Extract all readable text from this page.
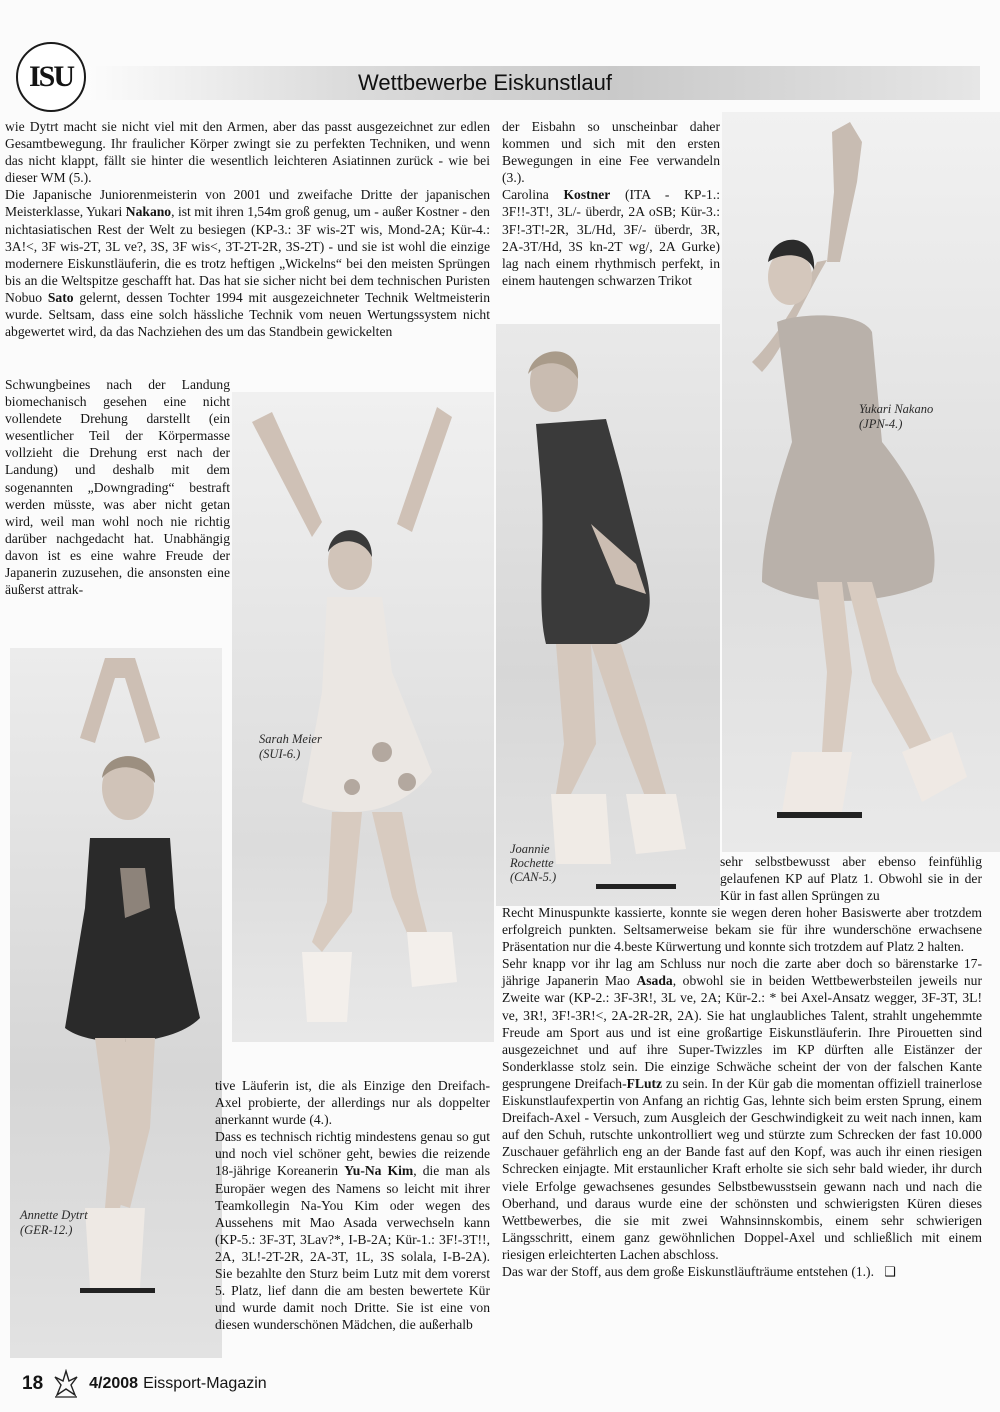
ISU	Wettbewerbe Eiskunstlauf

wie Dytrt macht sie nicht viel mit den Armen, aber das passt ausgezeichnet zur edlen Gesamtbewegung. Ihr fraulicher Körper zwingt sie zu perfekten Techniken, und wenn das nicht klappt, fällt sie hinter die wesentlich leichteren Asiatinnen zurück - wie bei dieser WM (5.).

Die Japanische Juniorenmeisterin von 2001 und zweifache Dritte der japanischen Meisterklasse, Yukari Nakano, ist mit ihren 1,54m groß genug, um - außer Kostner - den nichtasiatischen Rest der Welt zu besiegen (KP-3.: 3F wis-2T wis, Mond-2A; Kür-4.: 3A!<, 3F wis-2T, 3L ve?, 3S, 3F wis<, 3T-2T-2R, 3S-2T) - und sie ist wohl die einzige modernere Eiskunstläuferin, die es trotz heftigen „Wickelns“ bei den meisten Sprüngen bis an die Weltspitze geschafft hat. Das hat sie sicher nicht bei dem technischen Puristen Nobuo Sato gelernt, dessen Tochter 1994 mit ausgezeichneter Technik Weltmeisterin wurde. Seltsam, dass eine solch hässliche Technik vom neuen Wertungssystem nicht abgewertet wird, da das Nachziehen des um das Standbein gewickelten

Schwungbeines nach der Landung biomechanisch gesehen eine nicht vollendete Drehung darstellt (ein wesentlicher Teil der Körpermasse vollzieht die Drehung erst nach der Landung) und deshalb mit dem sogenannten „Downgrading“ bestraft werden müsste, was aber nicht getan wird, weil man wohl noch nie richtig darüber nachgedacht hat. Unabhängig davon ist es eine wahre Freude der Japanerin zuzusehen, die ansonsten eine äußerst attrak-

der Eisbahn so unscheinbar daher kommen und sich mit den ersten Bewegungen in eine Fee verwandeln (3.).

Carolina Kostner (ITA - KP-1.: 3F!!-3T!, 3L/- überdr, 2A oSB; Kür-3.: 3F!-3T!-2R, 3L/Hd, 3F/- überdr, 3R, 2A-3T/Hd, 3S kn-2T wg/, 2A Gurke) lag nach einem rhythmisch perfekt, in einem hautengen schwarzen Trikot

Yukari Nakano
(JPN-4.)
Joannie
Rochette
(CAN-5.)
Sarah Meier
(SUI-6.)
Annette Dytrt
(GER-12.)

tive Läuferin ist, die als Einzige den Dreifach-Axel probierte, der allerdings nur als doppelter anerkannt wurde (4.).

Dass es technisch richtig mindestens genau so gut und noch viel schöner geht, bewies die reizende 18-jährige Koreanerin Yu-Na Kim, die man als Europäer wegen des Namens so leicht mit ihrer Teamkollegin Na-You Kim oder wegen des Aussehens mit Mao Asada verwechseln kann (KP-5.: 3F-3T, 3Lav?*, I-B-2A; Kür-1.: 3F!-3T!!, 2A, 3L!-2T-2R, 2A-3T, 1L, 3S solala, I-B-2A). Sie bezahlte den Sturz beim Lutz mit dem vorerst 5. Platz, lief dann die am besten bewertete Kür und wurde damit noch Dritte. Sie ist eine von diesen wunderschönen Mädchen, die außerhalb

sehr selbstbewusst aber ebenso feinfühlig gelaufenen KP auf Platz 1. Obwohl sie in der Kür in fast allen Sprüngen zu

Recht Minuspunkte kassierte, konnte sie wegen deren hoher Basiswerte aber trotzdem erfolgreich punkten. Seltsamerweise bekam sie für ihre wunderschöne erwachsene Präsentation nur die 4.beste Kürwertung und konnte sich trotzdem auf Platz 2 halten.

Sehr knapp vor ihr lag am Schluss nur noch die zarte aber doch so bärenstarke 17-jährige Japanerin Mao Asada, obwohl sie in beiden Wettbewerbsteilen jeweils nur Zweite war (KP-2.: 3F-3R!, 3L ve, 2A; Kür-2.: * bei Axel-Ansatz wegger, 3F-3T, 3L! ve, 3R!, 3F!-3R!<, 2A-2R-2R, 2A). Sie hat unglaubliches Talent, strahlt ungehemmte Freude am Sport aus und ist eine großartige Eiskunstläuferin. Ihre Pirouetten sind ausgezeichnet und auf ihre Super-Twizzles im KP dürften alle Eistänzer der Sonderklasse stolz sein. Die einzige Schwäche scheint der von der falschen Kante gesprungene Dreifach-FLutz zu sein. In der Kür gab die momentan offiziell trainerlose Eiskunstlaufexpertin von Anfang an richtig Gas, lehnte sich beim ersten Sprung, einem Dreifach-Axel - Versuch, zum Ausgleich der Geschwindigkeit zu weit nach innen, kam auf den Schuh, rutschte unkontrolliert weg und stürzte zum Schrecken der fast 10.000 Zuschauer gefährlich eng an der Bande fast auf den Kopf, was auch ihr einen riesigen Schrecken einjagte. Mit erstaunlicher Kraft erholte sie sich sehr bald wieder, ihr durch viele Erfolge gewachsenes gesundes Selbstbewusstsein gewann nach und nach die Oberhand, und daraus wurde eine der schönsten und schwierigsten Küren dieses Wettbewerbes, die sie mit zwei Wahnsinnskombis, einem sehr schwierigen Längsschritt, einem ganz gewöhnlichen Doppel-Axel und schließlich mit einem riesigen erleichterten Lachen abschloss.

Das war der Stoff, aus dem große Eiskunstläufträume entstehen (1.). ❑

18	4/2008 Eissport-Magazin
